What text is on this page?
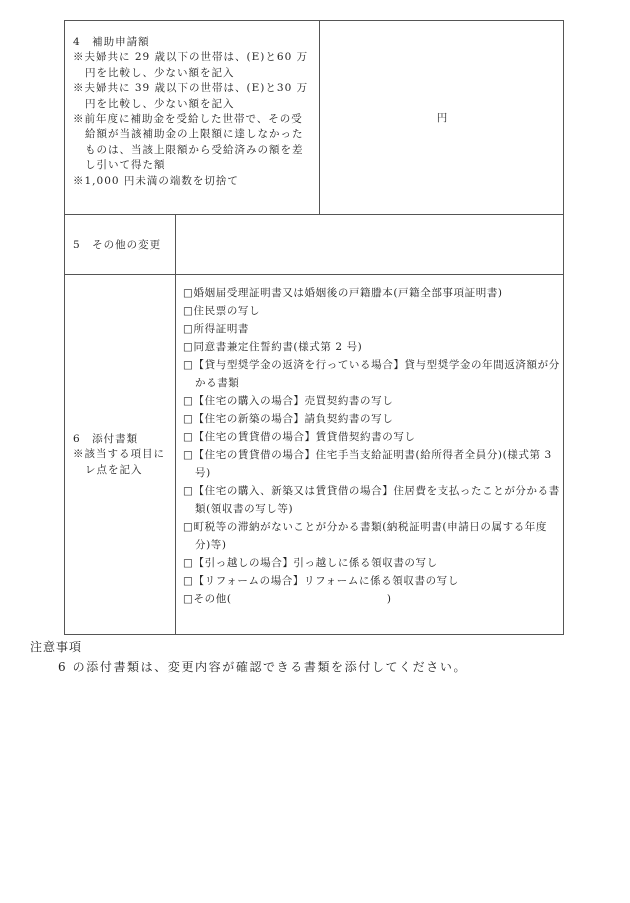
4　補助申請額
※夫婦共に 29 歳以下の世帯は、(E)と60 万円を比較し、少ない額を記入
※夫婦共に 39 歳以下の世帯は、(E)と30 万円を比較し、少ない額を記入
※前年度に補助金を受給した世帯で、その受給額が当該補助金の上限額に達しなかったものは、当該上限額から受給済みの額を差し引いて得た額
※1,000 円未満の端数を切捨て
円
5　その他の変更
6　添付書類
※該当する項目にレ点を記入
□婚姻届受理証明書又は婚姻後の戸籍謄本(戸籍全部事項証明書)
□住民票の写し
□所得証明書
□同意書兼定住誓約書(様式第 2 号)
□【貸与型奨学金の返済を行っている場合】貸与型奨学金の年間返済額が分かる書類
□【住宅の購入の場合】売買契約書の写し
□【住宅の新築の場合】請負契約書の写し
□【住宅の賃貸借の場合】賃貸借契約書の写し
□【住宅の賃貸借の場合】住宅手当支給証明書(給所得者全員分)(様式第 3 号)
□【住宅の購入、新築又は賃貸借の場合】住居費を支払ったことが分かる書類(領収書の写し等)
□町税等の滞納がないことが分かる書類(納税証明書(申請日の属する年度分)等)
□【引っ越しの場合】引っ越しに係る領収書の写し
□【リフォームの場合】リフォームに係る領収書の写し
□その他(　　　　　　　　　　　　　　)
注意事項
6 の添付書類は、変更内容が確認できる書類を添付してください。
